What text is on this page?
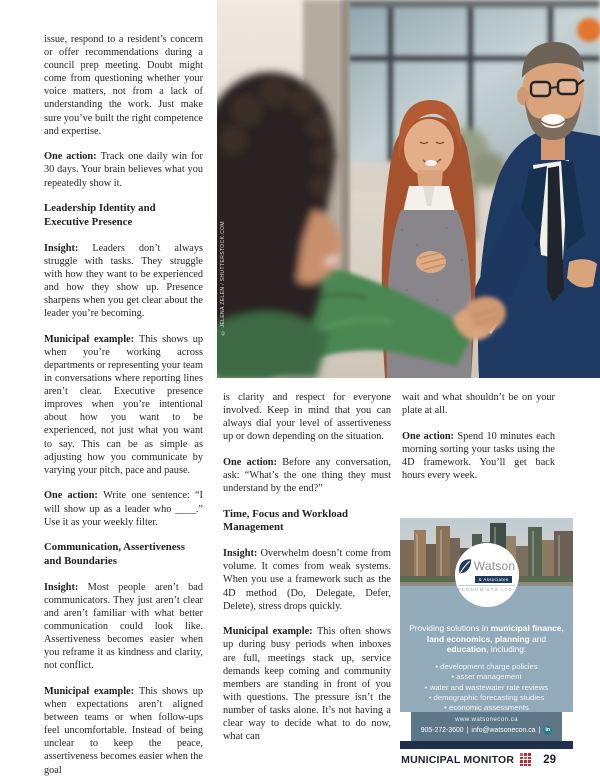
issue, respond to a resident’s concern or offer recommendations during a council prep meeting. Doubt might come from questioning whether your voice matters, not from a lack of understanding the work. Just make sure you’ve built the right competence and expertise.

One action: Track one daily win for 30 days. Your brain believes what you repeatedly show it.

Leadership Identity and Executive Presence

Insight: Leaders don’t always struggle with tasks. They struggle with how they want to be experienced and how they show up. Presence sharpens when you get clear about the leader you’re becoming.

Municipal example: This shows up when you’re working across departments or representing your team in conversations where reporting lines aren’t clear. Executive presence improves when you’re intentional about how you want to be experienced, not just what you want to say. This can be as simple as adjusting how you communicate by varying your pitch, pace and pause.

One action: Write one sentence: “I will show up as a leader who ____.” Use it as your weekly filter.

Communication, Assertiveness and Boundaries

Insight: Most people aren’t bad communicators. They just aren’t clear and aren’t familiar with what better communication could look like. Assertiveness becomes easier when you reframe it as kindness and clarity, not conflict.

Municipal example: This shows up when expectations aren’t aligned between teams or when follow-ups feel uncomfortable. Instead of being unclear to keep the peace, assertiveness becomes easier when the goal

© JELENA ZELEN / SHUTTERSTOCK.COM

is clarity and respect for everyone involved. Keep in mind that you can always dial your level of assertiveness up or down depending on the situation.

One action: Before any conversation, ask: “What’s the one thing they must understand by the end?”

Time, Focus and Workload Management

Insight: Overwhelm doesn’t come from volume. It comes from weak systems. When you use a framework such as the 4D method (Do, Delegate, Defer, Delete), stress drops quickly.

Municipal example: This often shows up during busy periods when inboxes are full, meetings stack up, service demands keep coming and community members are standing in front of you with questions. The pressure isn’t the number of tasks alone. It’s not having a clear way to decide what to do now, what can

wait and what shouldn’t be on your plate at all.

One action: Spend 10 minutes each morning sorting your tasks using the 4D framework. You’ll get back hours every week.

Watson
& Associates
ECONOMISTS LTD.

Providing solutions in municipal finance, land economics, planning and education, including:

• development charge policies
• asset management
• water and wastewater rate reviews
• demographic forecasting studies
• economic assessments
www.watsonecon.ca
905-272-3600 | info@watsonecon.ca | in
MUNICIPAL MONITOR	29
